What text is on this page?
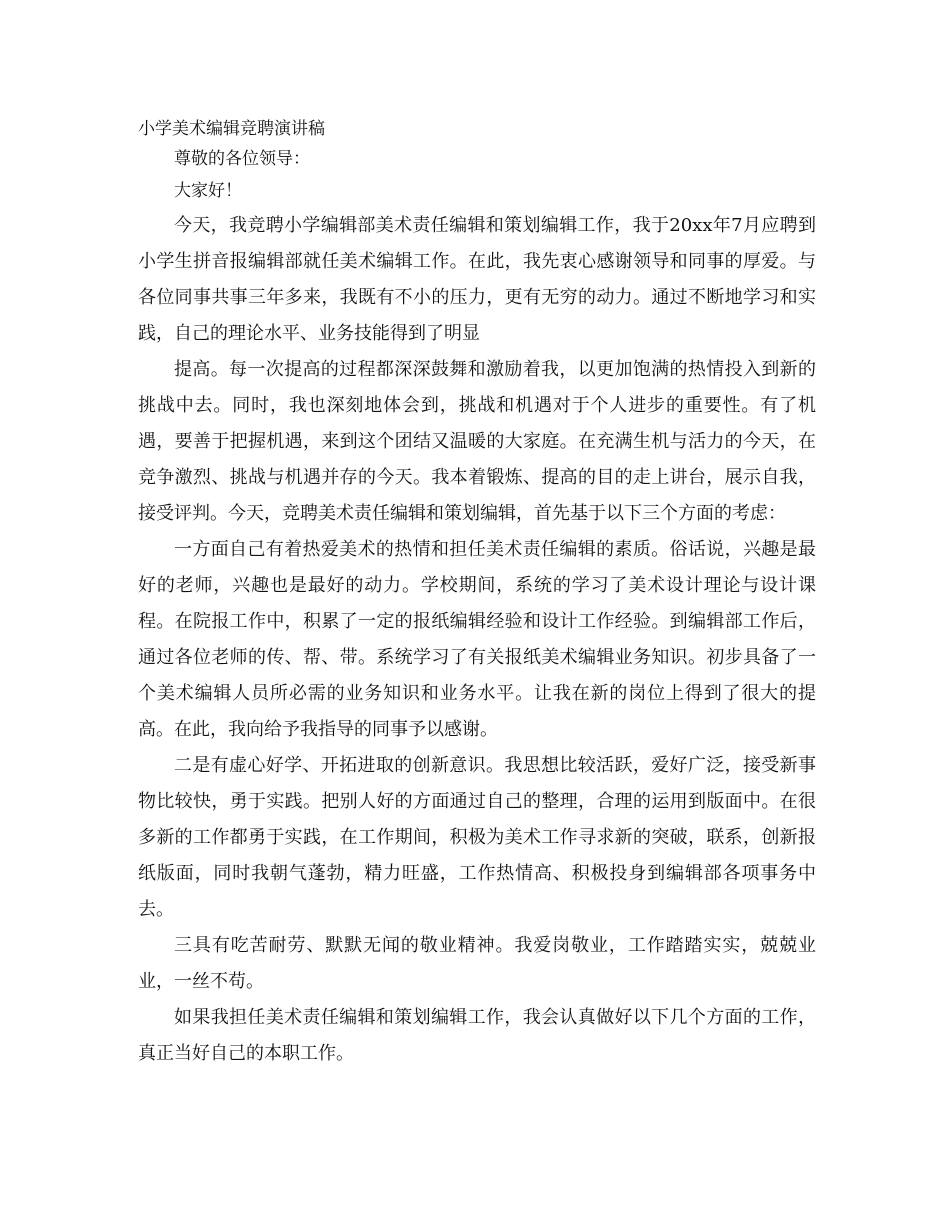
小学美术编辑竞聘演讲稿

尊敬的各位领导：

大家好！

今天，我竞聘小学编辑部美术责任编辑和策划编辑工作，我于20xx年7月应聘到小学生拼音报编辑部就任美术编辑工作。在此，我先衷心感谢领导和同事的厚爱。与各位同事共事三年多来，我既有不小的压力，更有无穷的动力。通过不断地学习和实践，自己的理论水平、业务技能得到了明显

提高。每一次提高的过程都深深鼓舞和激励着我，以更加饱满的热情投入到新的挑战中去。同时，我也深刻地体会到，挑战和机遇对于个人进步的重要性。有了机遇，要善于把握机遇，来到这个团结又温暖的大家庭。在充满生机与活力的今天，在竞争激烈、挑战与机遇并存的今天。我本着锻炼、提高的目的走上讲台，展示自我，接受评判。今天，竞聘美术责任编辑和策划编辑，首先基于以下三个方面的考虑：

一方面自己有着热爱美术的热情和担任美术责任编辑的素质。俗话说，兴趣是最好的老师，兴趣也是最好的动力。学校期间，系统的学习了美术设计理论与设计课程。在院报工作中，积累了一定的报纸编辑经验和设计工作经验。到编辑部工作后，通过各位老师的传、帮、带。系统学习了有关报纸美术编辑业务知识。初步具备了一个美术编辑人员所必需的业务知识和业务水平。让我在新的岗位上得到了很大的提高。在此，我向给予我指导的同事予以感谢。

二是有虚心好学、开拓进取的创新意识。我思想比较活跃，爱好广泛，接受新事物比较快，勇于实践。把别人好的方面通过自己的整理，合理的运用到版面中。在很多新的工作都勇于实践，在工作期间，积极为美术工作寻求新的突破，联系，创新报纸版面，同时我朝气蓬勃，精力旺盛，工作热情高、积极投身到编辑部各项事务中去。

三具有吃苦耐劳、默默无闻的敬业精神。我爱岗敬业，工作踏踏实实，兢兢业业，一丝不苟。

如果我担任美术责任编辑和策划编辑工作，我会认真做好以下几个方面的工作，真正当好自己的本职工作。
